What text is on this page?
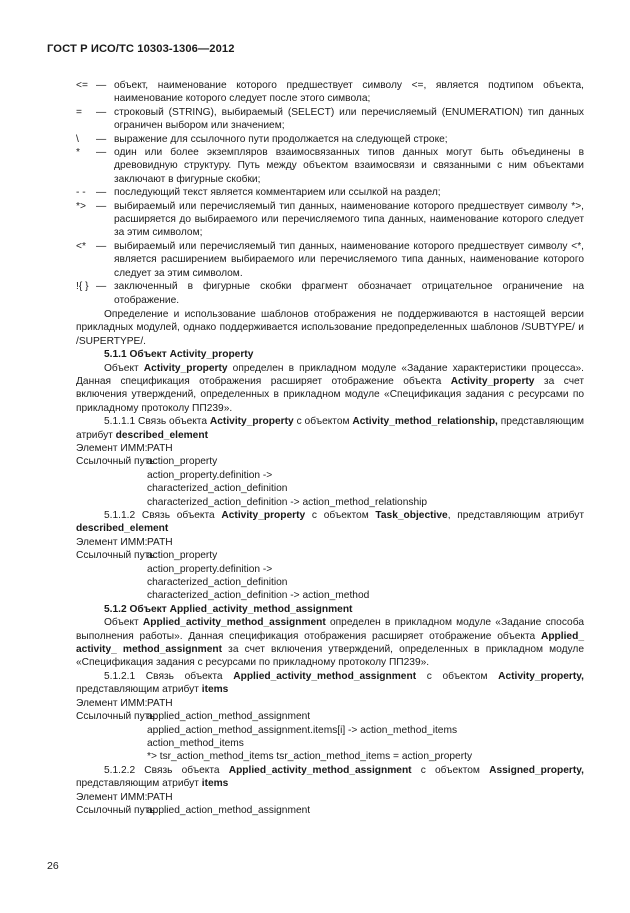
ГОСТ Р ИСО/ТС 10303-1306—2012
<= — объект, наименование которого предшествует символу <=, является подтипом объекта, наименование которого следует после этого символа;
=	— строковый (STRING), выбираемый (SELECT) или перечисляемый (ENUMERATION) тип данных ограничен выбором или значением;
\	— выражение для ссылочного пути продолжается на следующей строке;
*	— один или более экземпляров взаимосвязанных типов данных могут быть объединены в древовидную структуру. Путь между объектом взаимосвязи и связанными с ним объектами заключают в фигурные скобки;
- -	— последующий текст является комментарием или ссылкой на раздел;
*> — выбираемый или перечисляемый тип данных, наименование которого предшествует символу *>, расширяется до выбираемого или перечисляемого типа данных, наименование которого следует за этим символом;
<* — выбираемый или перечисляемый тип данных, наименование которого предшествует символу <*, является расширением выбираемого или перечисляемого типа данных, наименование которого следует за этим символом.
!{ } — заключенный в фигурные скобки фрагмент обозначает отрицательное ограничение на отображение.

Определение и использование шаблонов отображения не поддерживаются в настоящей версии прикладных модулей, однако поддерживается использование предопределенных шаблонов /SUBTYPE/ и /SUPERTYPE/.

5.1.1 Объект Activity_property

Объект Activity_property определен в прикладном модуле «Задание характеристики процесса». Данная спецификация отображения расширяет отображение объекта Activity_property за счет включения утверждений, определенных в прикладном модуле «Спецификация задания с ресурсами по прикладному протоколу ПП239».

5.1.1.1 Связь объекта Activity_property с объектом Activity_method_relationship, представляющим атрибут described_element

Элемент ИММ: PATH
Ссылочный путь:
action_property
action_property.definition ->
characterized_action_definition
characterized_action_definition -> action_method_relationship

5.1.1.2 Связь объекта Activity_property с объектом Task_objective, представляющим атрибут described_element

Элемент ИММ: PATH
Ссылочный путь:
action_property
action_property.definition ->
characterized_action_definition
characterized_action_definition -> action_method

5.1.2 Объект Applied_activity_method_assignment

Объект Applied_activity_method_assignment определен в прикладном модуле «Задание способа выполнения работы». Данная спецификация отображения расширяет отображение объекта Applied_ activity_ method_assignment за счет включения утверждений, определенных в прикладном модуле «Спецификация задания с ресурсами по прикладному протоколу ПП239».

5.1.2.1 Связь объекта Applied_activity_method_assignment с объектом Activity_property, представляющим атрибут items

Элемент ИММ: PATH
Ссылочный путь:
applied_action_method_assignment
applied_action_method_assignment.items[i] -> action_method_items
action_method_items
*> tsr_action_method_items tsr_action_method_items = action_property

5.1.2.2 Связь объекта Applied_activity_method_assignment с объектом Assigned_property, представляющим атрибут items

Элемент ИММ: PATH
Ссылочный путь:
applied_action_method_assignment
26
